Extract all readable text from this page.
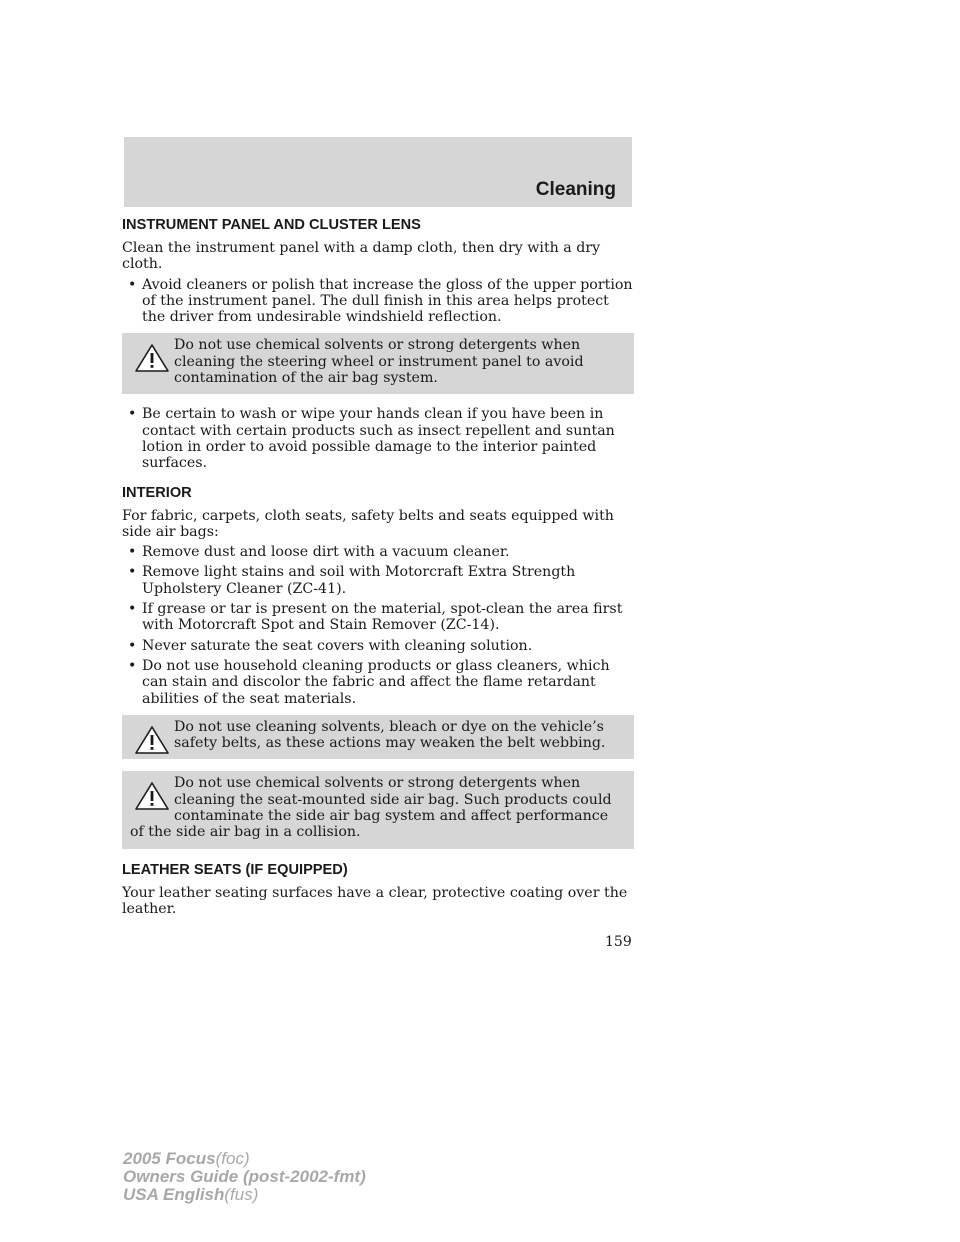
Cleaning
INSTRUMENT PANEL AND CLUSTER LENS
Clean the instrument panel with a damp cloth, then dry with a dry cloth.
• Avoid cleaners or polish that increase the gloss of the upper portion of the instrument panel. The dull finish in this area helps protect the driver from undesirable windshield reflection.
Do not use chemical solvents or strong detergents when cleaning the steering wheel or instrument panel to avoid contamination of the air bag system.
• Be certain to wash or wipe your hands clean if you have been in contact with certain products such as insect repellent and suntan lotion in order to avoid possible damage to the interior painted surfaces.
INTERIOR
For fabric, carpets, cloth seats, safety belts and seats equipped with side air bags:
• Remove dust and loose dirt with a vacuum cleaner.
• Remove light stains and soil with Motorcraft Extra Strength Upholstery Cleaner (ZC-41).
• If grease or tar is present on the material, spot-clean the area first with Motorcraft Spot and Stain Remover (ZC-14).
• Never saturate the seat covers with cleaning solution.
• Do not use household cleaning products or glass cleaners, which can stain and discolor the fabric and affect the flame retardant abilities of the seat materials.
Do not use cleaning solvents, bleach or dye on the vehicle’s safety belts, as these actions may weaken the belt webbing.
Do not use chemical solvents or strong detergents when cleaning the seat-mounted side air bag. Such products could contaminate the side air bag system and affect performance of the side air bag in a collision.
LEATHER SEATS (IF EQUIPPED)
Your leather seating surfaces have a clear, protective coating over the leather.
159
2005 Focus(foc)
Owners Guide (post-2002-fmt)
USA English(fus)
